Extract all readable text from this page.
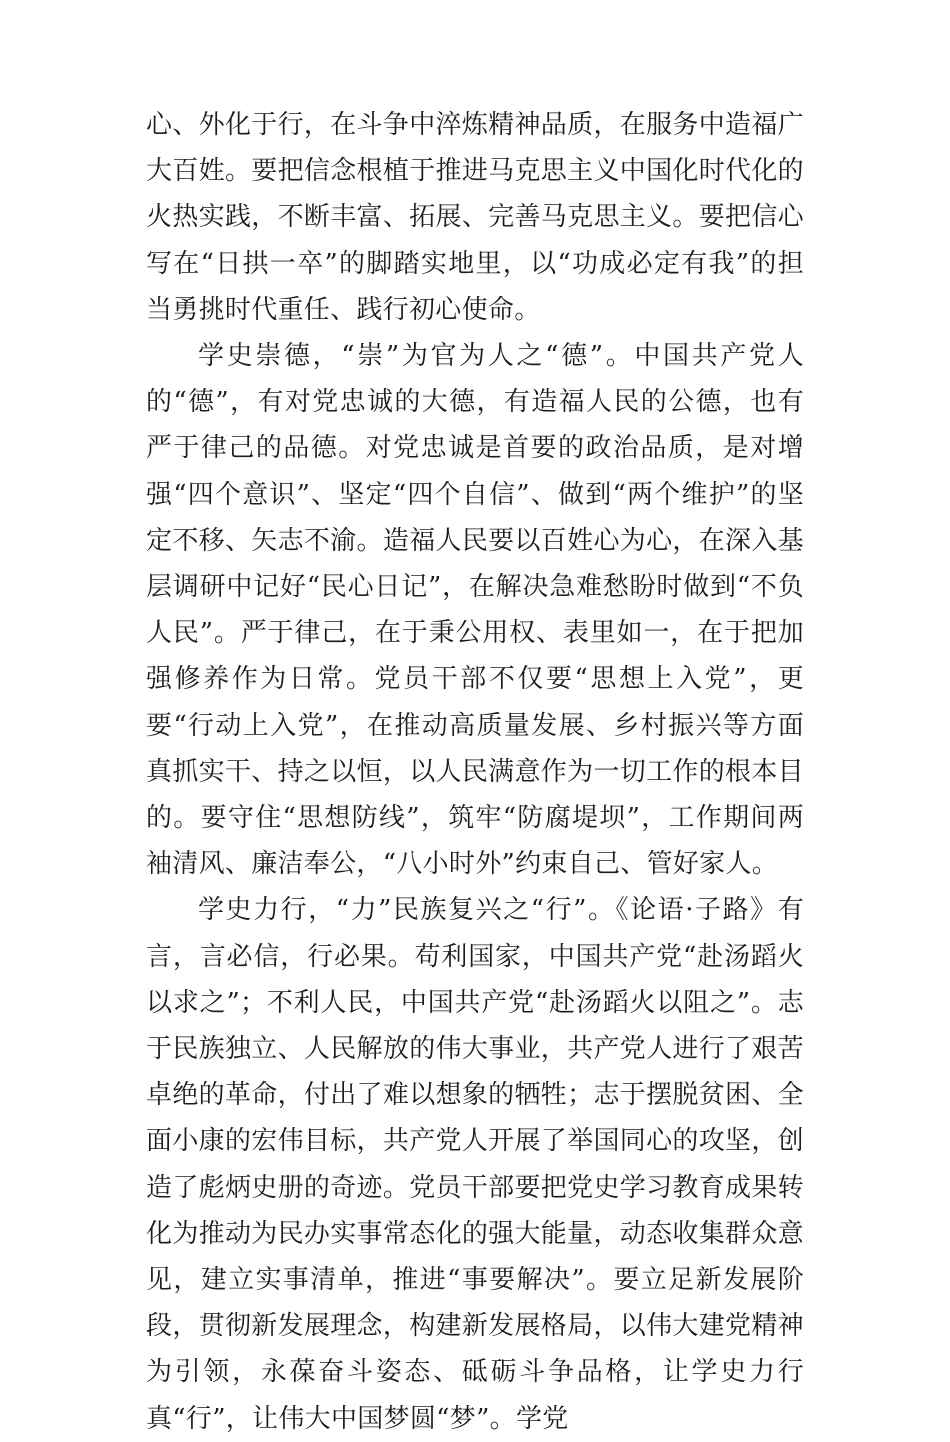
心、外化于行，在斗争中淬炼精神品质，在服务中造福广大百姓。要把信念根植于推进马克思主义中国化时代化的火热实践，不断丰富、拓展、完善马克思主义。要把信心写在“日拱一卒”的脚踏实地里，以“功成必定有我”的担当勇挑时代重任、践行初心使命。

学史崇德，“崇”为官为人之“德”。中国共产党人的“德”，有对党忠诚的大德，有造福人民的公德，也有严于律己的品德。对党忠诚是首要的政治品质，是对增强“四个意识”、坚定“四个自信”、做到“两个维护”的坚定不移、矢志不渝。造福人民要以百姓心为心，在深入基层调研中记好“民心日记”，在解决急难愁盼时做到“不负人民”。严于律己，在于秉公用权、表里如一，在于把加强修养作为日常。党员干部不仅要“思想上入党”，更要“行动上入党”，在推动高质量发展、乡村振兴等方面真抓实干、持之以恒，以人民满意作为一切工作的根本目的。要守住“思想防线”，筑牢“防腐堤坝”，工作期间两袖清风、廉洁奉公，“八小时外”约束自己、管好家人。

学史力行，“力”民族复兴之“行”。《论语·子路》有言，言必信，行必果。苟利国家，中国共产党“赴汤蹈火以求之”；不利人民，中国共产党“赴汤蹈火以阻之”。志于民族独立、人民解放的伟大事业，共产党人进行了艰苦卓绝的革命，付出了难以想象的牺牲；志于摆脱贫困、全面小康的宏伟目标，共产党人开展了举国同心的攻坚，创造了彪炳史册的奇迹。党员干部要把党史学习教育成果转化为推动为民办实事常态化的强大能量，动态收集群众意见，建立实事清单，推进“事要解决”。要立足新发展阶段，贯彻新发展理念，构建新发展格局，以伟大建党精神为引领，永葆奋斗姿态、砥砺斗争品格，让学史力行真“行”，让伟大中国梦圆“梦”。学党
